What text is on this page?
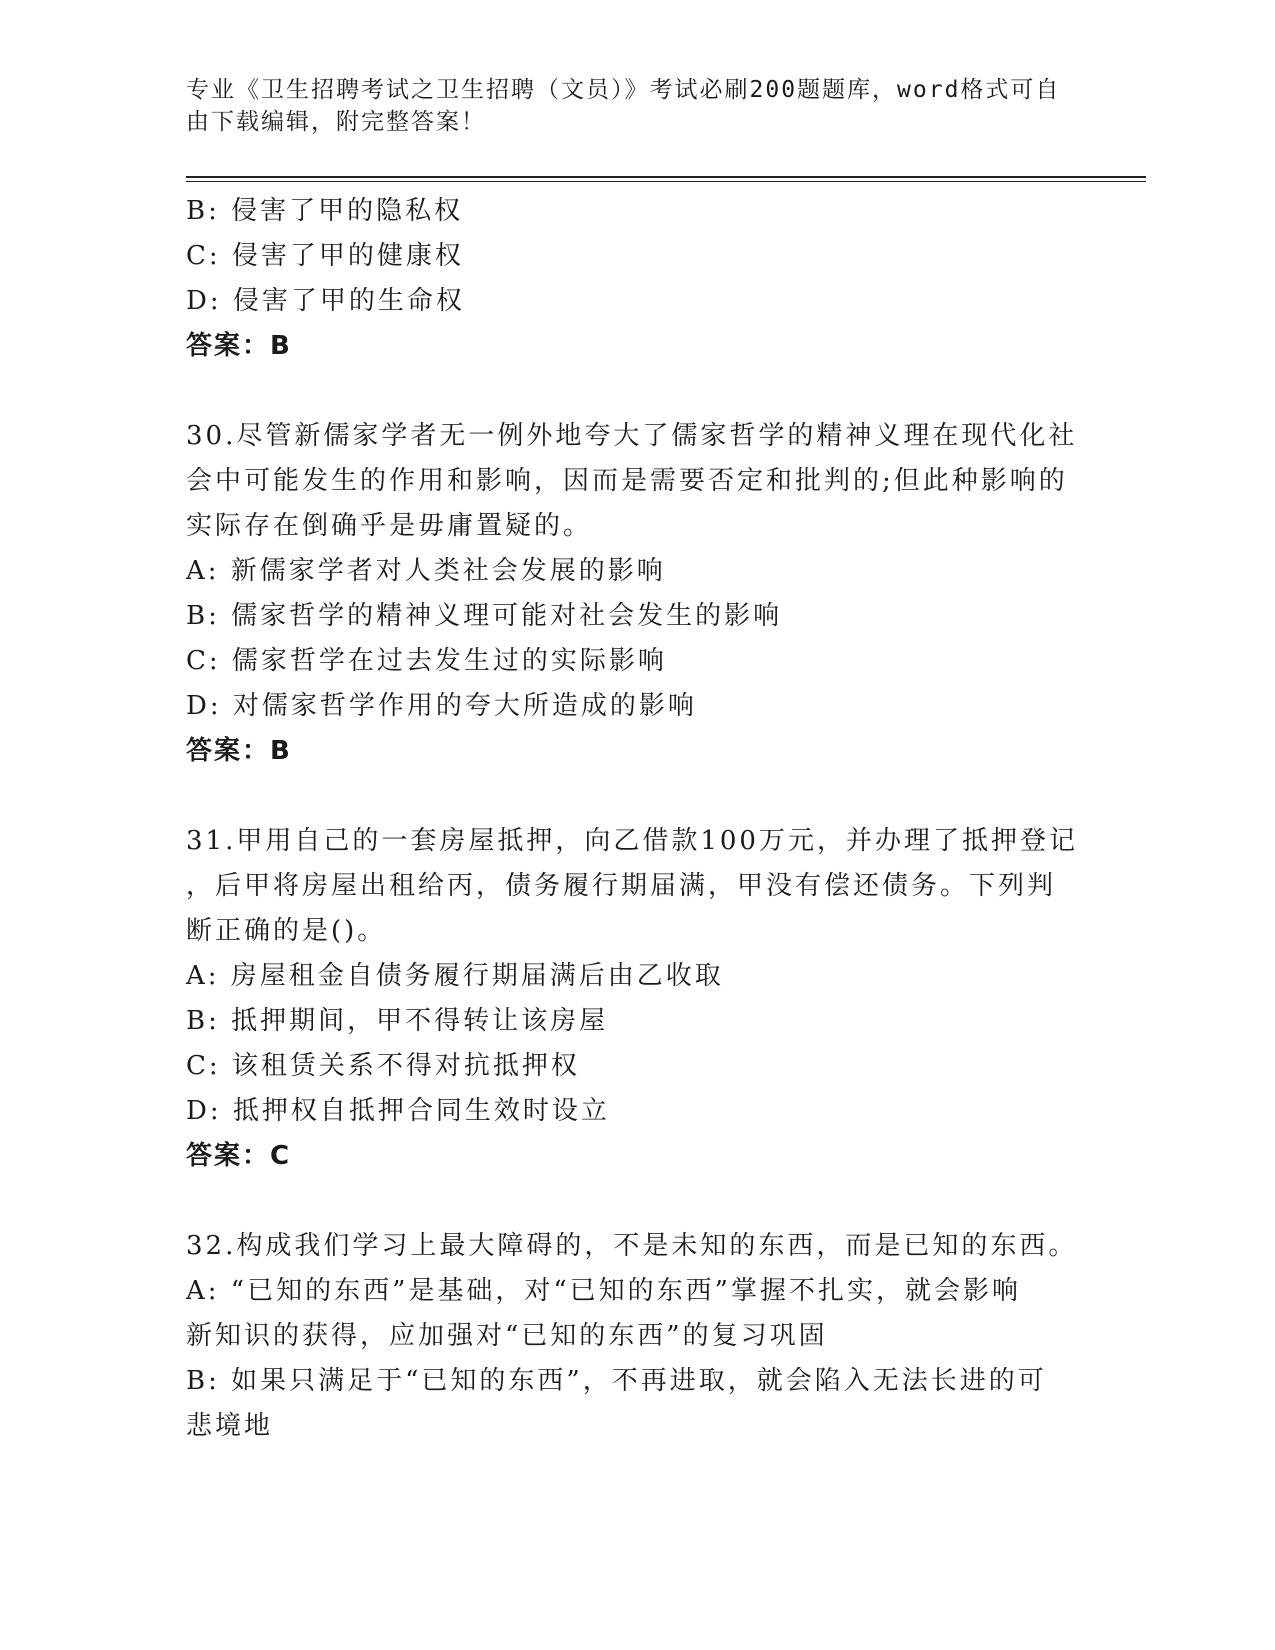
专业《卫生招聘考试之卫生招聘（文员）》考试必刷200题题库，word格式可自
由下载编辑，附完整答案！
B: 侵害了甲的隐私权
C: 侵害了甲的健康权
D: 侵害了甲的生命权
答案：B
30.尽管新儒家学者无一例外地夸大了儒家哲学的精神义理在现代化社
会中可能发生的作用和影响，因而是需要否定和批判的;但此种影响的
实际存在倒确乎是毋庸置疑的。
A: 新儒家学者对人类社会发展的影响
B: 儒家哲学的精神义理可能对社会发生的影响
C: 儒家哲学在过去发生过的实际影响
D: 对儒家哲学作用的夸大所造成的影响
答案：B
31.甲用自己的一套房屋抵押，向乙借款100万元，并办理了抵押登记
，后甲将房屋出租给丙，债务履行期届满，甲没有偿还债务。下列判
断正确的是()。
A: 房屋租金自债务履行期届满后由乙收取
B: 抵押期间，甲不得转让该房屋
C: 该租赁关系不得对抗抵押权
D: 抵押权自抵押合同生效时设立
答案：C
32.构成我们学习上最大障碍的，不是未知的东西，而是已知的东西。
A: “已知的东西”是基础，对“已知的东西”掌握不扎实，就会影响
新知识的获得，应加强对“已知的东西”的复习巩固
B: 如果只满足于“已知的东西”，不再进取，就会陷入无法长进的可
悲境地
